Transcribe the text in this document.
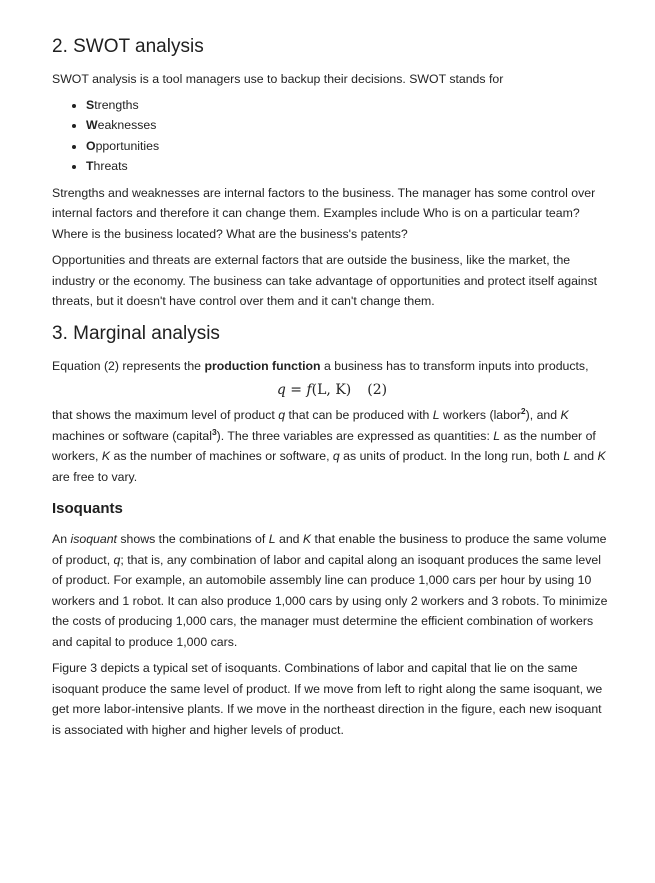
2. SWOT analysis

SWOT analysis is a tool managers use to backup their decisions. SWOT stands for

• Strengths
• Weaknesses
• Opportunities
• Threats

Strengths and weaknesses are internal factors to the business. The manager has some control over internal factors and therefore it can change them. Examples include Who is on a particular team? Where is the business located? What are the business's patents?

Opportunities and threats are external factors that are outside the business, like the market, the industry or the economy. The business can take advantage of opportunities and protect itself against threats, but it doesn't have control over them and it can't change them.

3. Marginal analysis

Equation (2) represents the production function a business has to transform inputs into products,

q = f(L, K) (2)

that shows the maximum level of product q that can be produced with L workers (labor$^2$), and K machines or software (capital$^3$). The three variables are expressed as quantities: L as the number of workers, K as the number of machines or software, q as units of product. In the long run, both L and K are free to vary.

Isoquants

An isoquant shows the combinations of L and K that enable the business to produce the same volume of product, q; that is, any combination of labor and capital along an isoquant produces the same level of product. For example, an automobile assembly line can produce 1,000 cars per hour by using 10 workers and 1 robot. It can also produce 1,000 cars by using only 2 workers and 3 robots. To minimize the costs of producing 1,000 cars, the manager must determine the efficient combination of workers and capital to produce 1,000 cars.

Figure 3 depicts a typical set of isoquants. Combinations of labor and capital that lie on the same isoquant produce the same level of product. If we move from left to right along the same isoquant, we get more labor-intensive plants. If we move in the northeast direction in the figure, each new isoquant is associated with higher and higher levels of product.
